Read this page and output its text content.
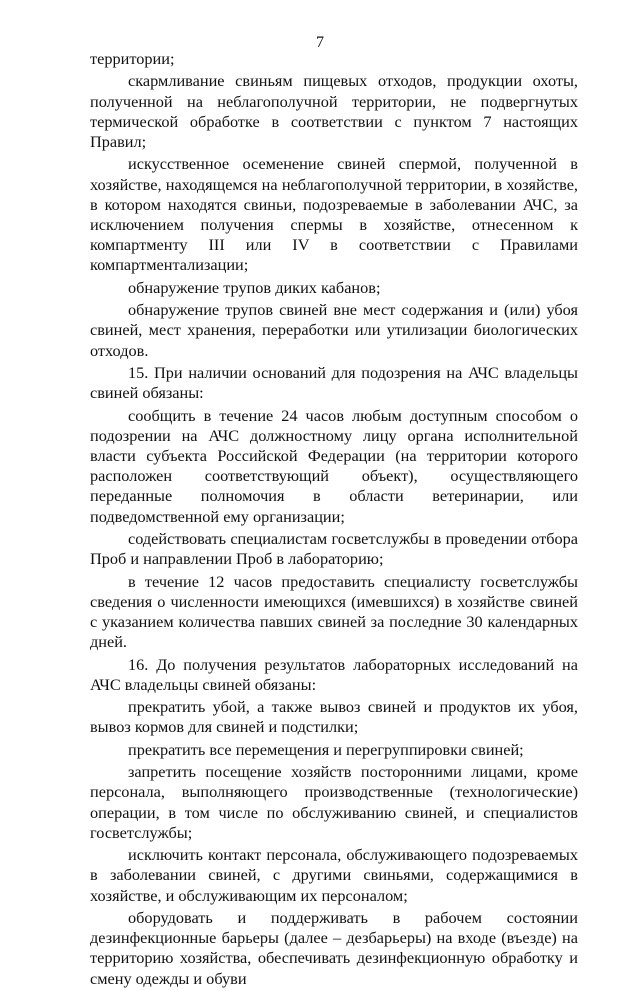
7

территории;

скармливание свиньям пищевых отходов, продукции охоты, полученной на неблагополучной территории, не подвергнутых термической обработке в соответствии с пунктом 7 настоящих Правил;

искусственное осеменение свиней спермой, полученной в хозяйстве, находящемся на неблагополучной территории, в хозяйстве, в котором находятся свиньи, подозреваемые в заболевании АЧС, за исключением получения спермы в хозяйстве, отнесенном к компартменту III или IV в соответствии с Правилами компартментализации;

обнаружение трупов диких кабанов;

обнаружение трупов свиней вне мест содержания и (или) убоя свиней, мест хранения, переработки или утилизации биологических отходов.

15. При наличии оснований для подозрения на АЧС владельцы свиней обязаны:

сообщить в течение 24 часов любым доступным способом о подозрении на АЧС должностному лицу органа исполнительной власти субъекта Российской Федерации (на территории которого расположен соответствующий объект), осуществляющего переданные полномочия в области ветеринарии, или подведомственной ему организации;

содействовать специалистам госветслужбы в проведении отбора Проб и направлении Проб в лабораторию;

в течение 12 часов предоставить специалисту госветслужбы сведения о численности имеющихся (имевшихся) в хозяйстве свиней с указанием количества павших свиней за последние 30 календарных дней.

16. До получения результатов лабораторных исследований на АЧС владельцы свиней обязаны:

прекратить убой, а также вывоз свиней и продуктов их убоя, вывоз кормов для свиней и подстилки;

прекратить все перемещения и перегруппировки свиней;

запретить посещение хозяйств посторонними лицами, кроме персонала, выполняющего производственные (технологические) операции, в том числе по обслуживанию свиней, и специалистов госветслужбы;

исключить контакт персонала, обслуживающего подозреваемых в заболевании свиней, с другими свиньями, содержащимися в хозяйстве, и обслуживающим их персоналом;

оборудовать и поддерживать в рабочем состоянии дезинфекционные барьеры (далее – дезбарьеры) на входе (въезде) на территорию хозяйства, обеспечивать дезинфекционную обработку и смену одежды и обуви
